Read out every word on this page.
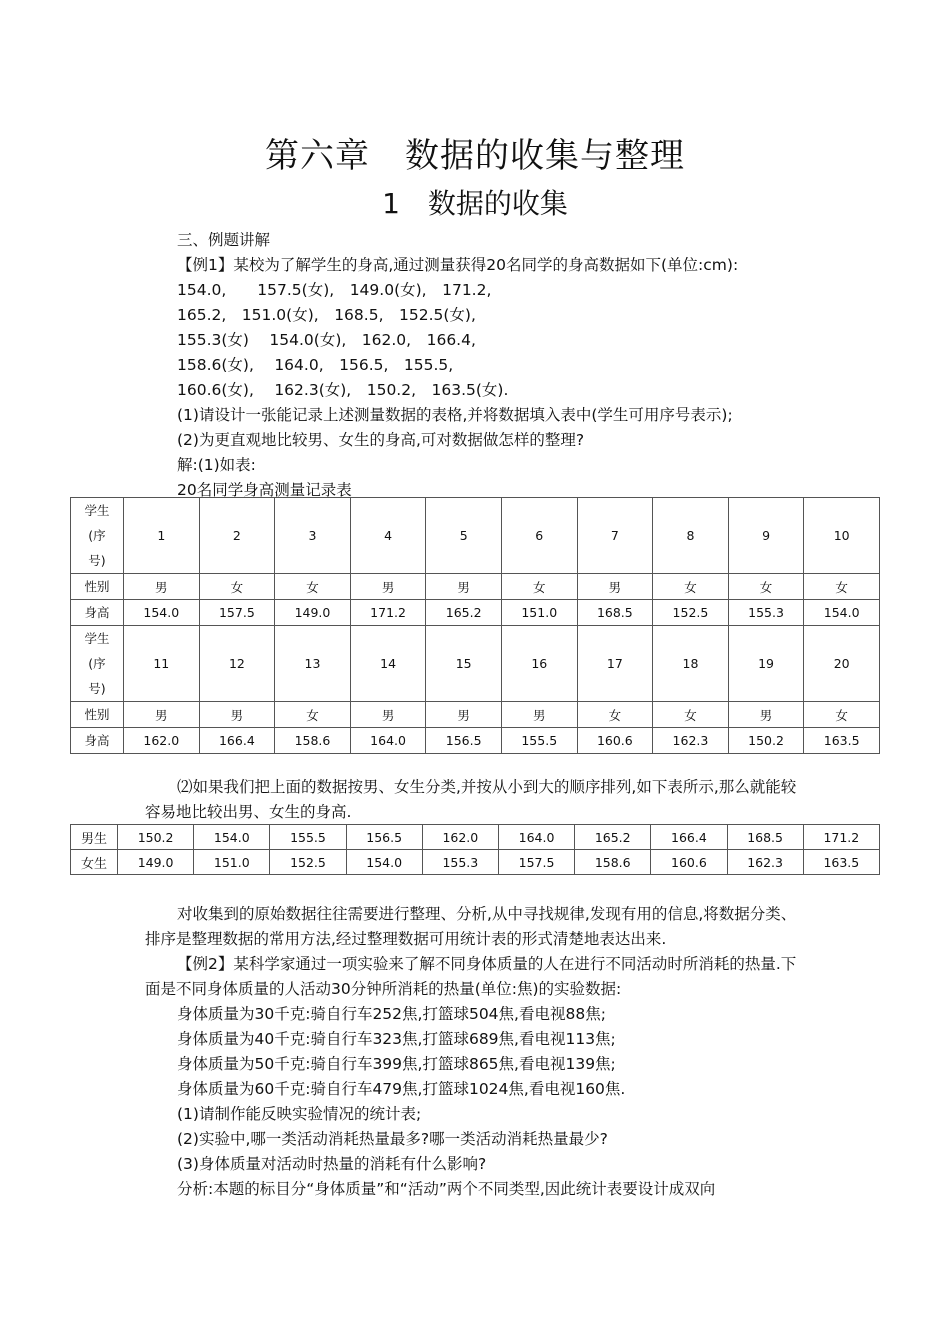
第六章　数据的收集与整理
1　数据的收集
三、例题讲解
【例1】某校为了解学生的身高,通过测量获得20名同学的身高数据如下(单位:cm):
154.0,　　157.5(女),　149.0(女),　171.2,
165.2,　151.0(女),　168.5,　152.5(女),
155.3(女)　 154.0(女),　162.0,　166.4,
158.6(女),　 164.0,　156.5,　155.5,
160.6(女),　 162.3(女),　150.2,　163.5(女).
(1)请设计一张能记录上述测量数据的表格,并将数据填入表中(学生可用序号表示);
(2)为更直观地比较男、女生的身高,可对数据做怎样的整理?
解:(1)如表:
20名同学身高测量记录表
学生
(序
号)	1	2	3	4	5	6	7	8	9	10
性别	男	女	女	男	男	女	男	女	女	女
身高	154.0	157.5	149.0	171.2	165.2	151.0	168.5	152.5	155.3	154.0

学生
(序
号)	11	12	13	14	15	16	17	18	19	20
性别	男	男	女	男	男	男	女	女	男	女
身高	162.0	166.4	158.6	164.0	156.5	155.5	160.6	162.3	150.2	163.5
⑵如果我们把上面的数据按男、女生分类,并按从小到大的顺序排列,如下表所示,那么就能较容易地比较出男、女生的身高.
男生	150.2	154.0	155.5	156.5	162.0	164.0	165.2	166.4	168.5	171.2
女生	149.0	151.0	152.5	154.0	155.3	157.5	158.6	160.6	162.3	163.5
对收集到的原始数据往往需要进行整理、分析,从中寻找规律,发现有用的信息,将数据分类、排序是整理数据的常用方法,经过整理数据可用统计表的形式清楚地表达出来.
【例2】某科学家通过一项实验来了解不同身体质量的人在进行不同活动时所消耗的热量.下面是不同身体质量的人活动30分钟所消耗的热量(单位:焦)的实验数据:
身体质量为30千克:骑自行车252焦,打篮球504焦,看电视88焦;
身体质量为40千克:骑自行车323焦,打篮球689焦,看电视113焦;
身体质量为50千克:骑自行车399焦,打篮球865焦,看电视139焦;
身体质量为60千克:骑自行车479焦,打篮球1024焦,看电视160焦.
(1)请制作能反映实验情况的统计表;
(2)实验中,哪一类活动消耗热量最多?哪一类活动消耗热量最少?
(3)身体质量对活动时热量的消耗有什么影响?
分析:本题的标目分“身体质量”和“活动”两个不同类型,因此统计表要设计成双向
